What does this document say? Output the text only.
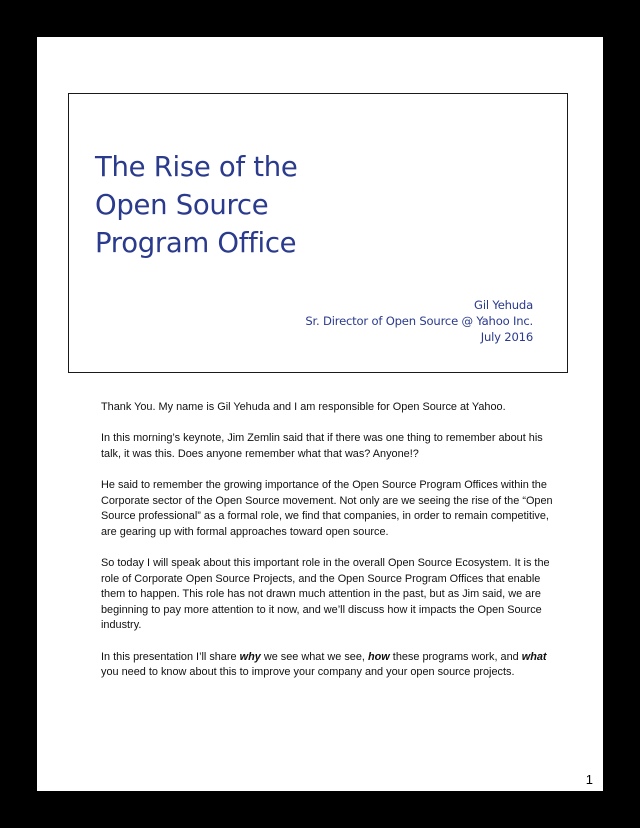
The Rise of the
Open Source
Program Office
Gil Yehuda
Sr. Director of Open Source @ Yahoo Inc.
July 2016

Thank You. My name is Gil Yehuda and I am responsible for Open Source at Yahoo.

In this morning’s keynote, Jim Zemlin said that if there was one thing to remember about his talk, it was this. Does anyone remember what that was? Anyone!?

He said to remember the growing importance of the Open Source Program Offices within the Corporate sector of the Open Source movement. Not only are we seeing the rise of the “Open Source professional” as a formal role, we find that companies, in order to remain competitive, are gearing up with formal approaches toward open source.

So today I will speak about this important role in the overall Open Source Ecosystem. It is the role of Corporate Open Source Projects, and the Open Source Program Offices that enable them to happen. This role has not drawn much attention in the past, but as Jim said, we are beginning to pay more attention to it now, and we’ll discuss how it impacts the Open Source industry.

In this presentation I’ll share why we see what we see, how these programs work, and what you need to know about this to improve your company and your open source projects.

1
